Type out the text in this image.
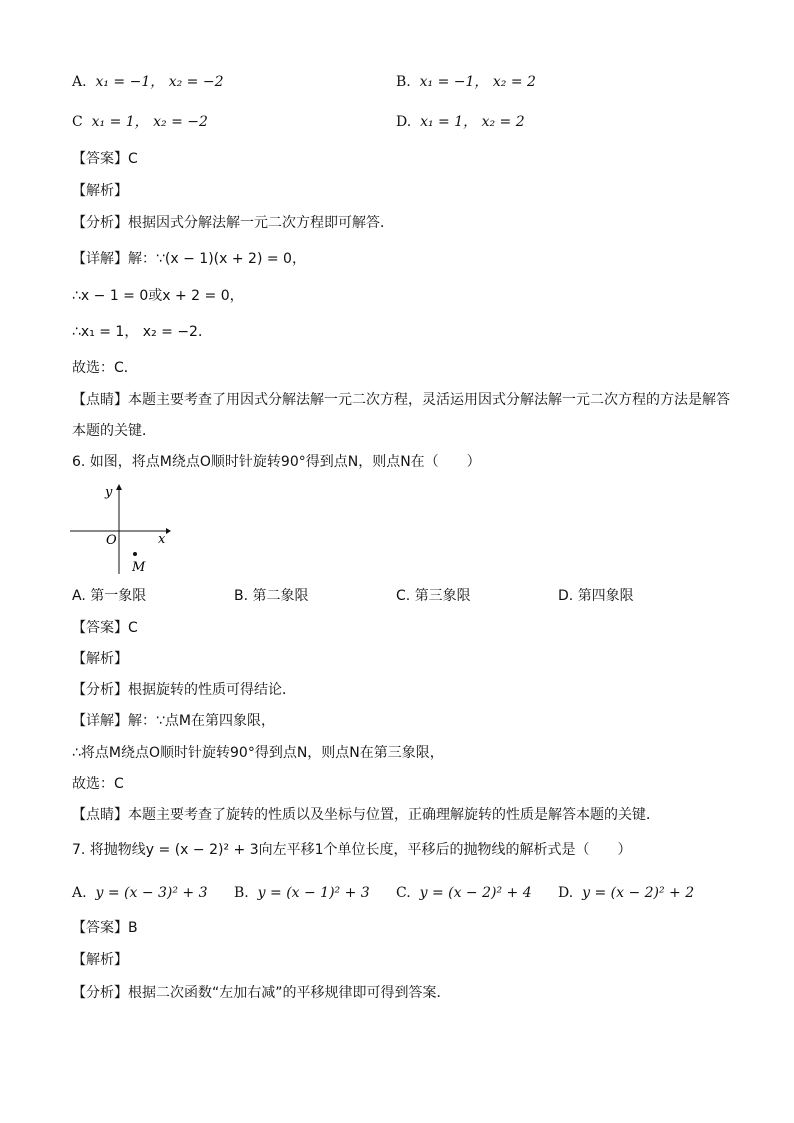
A. x₁ = −1， x₂ = −2	B. x₁ = −1， x₂ = 2
C x₁ = 1， x₂ = −2	D. x₁ = 1， x₂ = 2
【答案】C
【解析】
【分析】根据因式分解法解一元二次方程即可解答．
【详解】解：∵(x − 1)(x + 2) = 0，
∴x − 1 = 0或x + 2 = 0，
∴x₁ = 1， x₂ = −2．
故选：C．
【点睛】本题主要考查了用因式分解法解一元二次方程，灵活运用因式分解法解一元二次方程的方法是解答本题的关键．
6. 如图，将点M绕点O顺时针旋转90°得到点N，则点N在（　　）
y
x
O
M
A. 第一象限	B. 第二象限	C. 第三象限	D. 第四象限
【答案】C
【解析】
【分析】根据旋转的性质可得结论．
【详解】解：∵点M在第四象限，
∴将点M绕点O顺时针旋转90°得到点N，则点N在第三象限，
故选：C
【点睛】本题主要考查了旋转的性质以及坐标与位置，正确理解旋转的性质是解答本题的关键．
7. 将抛物线y = (x − 2)² + 3向左平移1个单位长度，平移后的抛物线的解析式是（　　）
A. y = (x − 3)² + 3 B. y = (x − 1)² + 3 C. y = (x − 2)² + 4 D. y = (x − 2)² + 2
【答案】B
【解析】
【分析】根据二次函数“左加右减”的平移规律即可得到答案．
